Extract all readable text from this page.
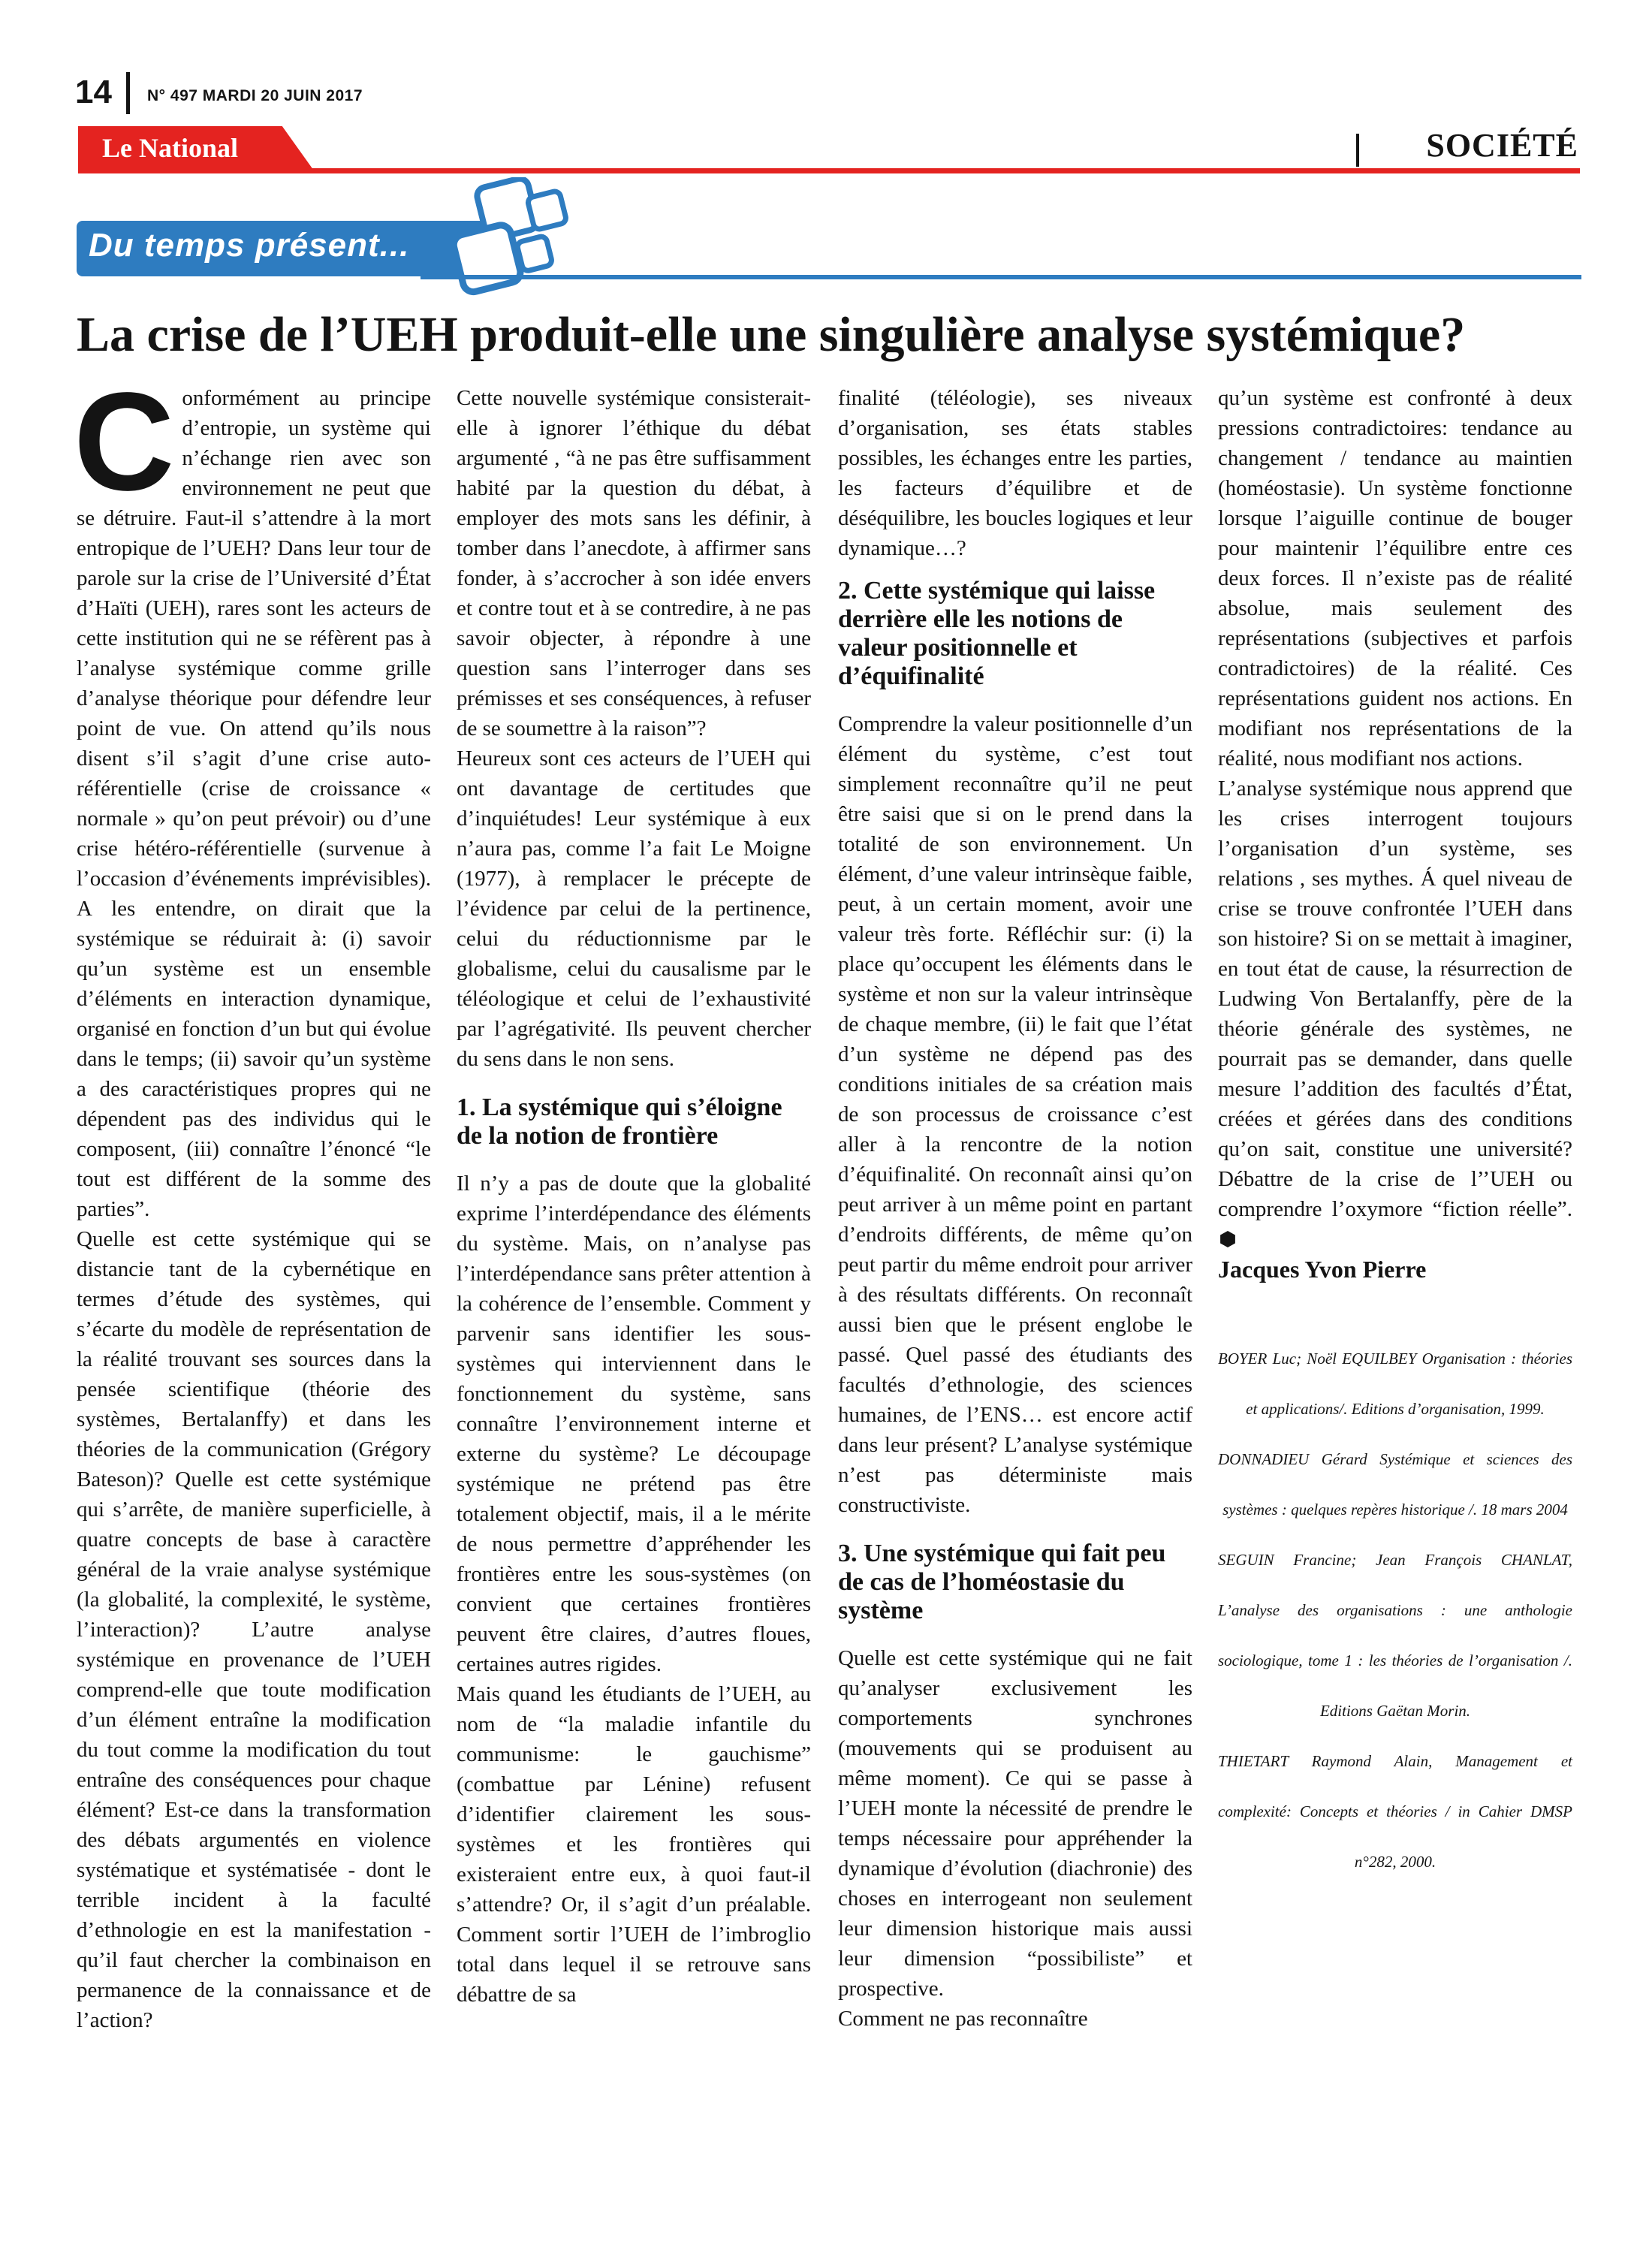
14 N° 497 MARDI 20 JUIN 2017
Le National	SOCIÉTÉ
Du temps présent...
La crise de l’UEH produit-elle une singulière analyse systémique?

Conformément au principe d’entropie, un système qui n’échange rien avec son environnement ne peut que se détruire. Faut-il s’attendre à la mort entropique de l’UEH? Dans leur tour de parole sur la crise de l’Université d’État d’Haïti (UEH), rares sont les acteurs de cette institution qui ne se réfèrent pas à l’analyse systémique comme grille d’analyse théorique pour défendre leur point de vue. On attend qu’ils nous disent s’il s’agit d’une crise auto-référentielle (crise de croissance « normale » qu’on peut prévoir) ou d’une crise hétéro-référentielle (survenue à l’occasion d’événements imprévisibles). A les entendre, on dirait que la systémique se réduirait à: (i) savoir qu’un système est un ensemble d’éléments en interaction dynamique, organisé en fonction d’un but qui évolue dans le temps; (ii) savoir qu’un système a des caractéristiques propres qui ne dépendent pas des individus qui le composent, (iii) connaître l’énoncé “le tout est différent de la somme des parties”.

Quelle est cette systémique qui se distancie tant de la cybernétique en termes d’étude des systèmes, qui s’écarte du modèle de représentation de la réalité trouvant ses sources dans la pensée scientifique (théorie des systèmes, Bertalanffy) et dans les théories de la communication (Grégory Bateson)? Quelle est cette systémique qui s’arrête, de manière superficielle, à quatre concepts de base à caractère général de la vraie analyse systémique (la globalité, la complexité, le système, l’interaction)? L’autre analyse systémique en provenance de l’UEH comprend-elle que toute modification d’un élément entraîne la modification du tout comme la modification du tout entraîne des conséquences pour chaque élément? Est-ce dans la transformation des débats argumentés en violence systématique et systématisée - dont le terrible incident à la faculté d’ethnologie en est la manifestation - qu’il faut chercher la combinaison en permanence de la connaissance et de l’action?

Cette nouvelle systémique consisterait-elle à ignorer l’éthique du débat argumenté , “à ne pas être suffisamment habité par la question du débat, à employer des mots sans les définir, à tomber dans l’anecdote, à affirmer sans fonder, à s’accrocher à son idée envers et contre tout et à se contredire, à ne pas savoir objecter, à répondre à une question sans l’interroger dans ses prémisses et ses conséquences, à refuser de se soumettre à la raison”?

Heureux sont ces acteurs de l’UEH qui ont davantage de certitudes que d’inquiétudes! Leur systémique à eux n’aura pas, comme l’a fait Le Moigne (1977), à remplacer le précepte de l’évidence par celui de la pertinence, celui du réductionnisme par le globalisme, celui du causalisme par le téléologique et celui de l’exhaustivité par l’agrégativité. Ils peuvent chercher du sens dans le non sens.

1. La systémique qui s’éloigne de la notion de frontière

Il n’y a pas de doute que la globalité exprime l’interdépendance des éléments du système. Mais, on n’analyse pas l’interdépendance sans prêter attention à la cohérence de l’ensemble. Comment y parvenir sans identifier les sous-systèmes qui interviennent dans le fonctionnement du système, sans connaître l’environnement interne et externe du système? Le découpage systémique ne prétend pas être totalement objectif, mais, il a le mérite de nous permettre d’appréhender les frontières entre les sous-systèmes (on convient que certaines frontières peuvent être claires, d’autres floues, certaines autres rigides.

Mais quand les étudiants de l’UEH, au nom de “la maladie infantile du communisme: le gauchisme” (combattue par Lénine) refusent d’identifier clairement les sous-systèmes et les frontières qui existeraient entre eux, à quoi faut-il s’attendre? Or, il s’agit d’un préalable. Comment sortir l’UEH de l’imbroglio total dans lequel il se retrouve sans débattre de sa

finalité (téléologie), ses niveaux d’organisation, ses états stables possibles, les échanges entre les parties, les facteurs d’équilibre et de déséquilibre, les boucles logiques et leur dynamique…?

2. Cette systémique qui laisse derrière elle les notions de valeur positionnelle et d’équifinalité

Comprendre la valeur positionnelle d’un élément du système, c’est tout simplement reconnaître qu’il ne peut être saisi que si on le prend dans la totalité de son environnement. Un élément, d’une valeur intrinsèque faible, peut, à un certain moment, avoir une valeur très forte. Réfléchir sur: (i) la place qu’occupent les éléments dans le système et non sur la valeur intrinsèque de chaque membre, (ii) le fait que l’état d’un système ne dépend pas des conditions initiales de sa création mais de son processus de croissance c’est aller à la rencontre de la notion d’équifinalité. On reconnaît ainsi qu’on peut arriver à un même point en partant d’endroits différents, de même qu’on peut partir du même endroit pour arriver à des résultats différents. On reconnaît aussi bien que le présent englobe le passé. Quel passé des étudiants des facultés d’ethnologie, des sciences humaines, de l’ENS… est encore actif dans leur présent? L’analyse systémique n’est pas déterministe mais constructiviste.

3. Une systémique qui fait peu de cas de l’homéostasie du système

Quelle est cette systémique qui ne fait qu’analyser exclusivement les comportements synchrones (mouvements qui se produisent au même moment). Ce qui se passe à l’UEH monte la nécessité de prendre le temps nécessaire pour appréhender la dynamique d’évolution (diachronie) des choses en interrogeant non seulement leur dimension historique mais aussi leur dimension “possibiliste” et prospective.

Comment ne pas reconnaître

qu’un système est confronté à deux pressions contradictoires: tendance au changement / tendance au maintien (homéostasie). Un système fonctionne lorsque l’aiguille continue de bouger pour maintenir l’équilibre entre ces deux forces. Il n’existe pas de réalité absolue, mais seulement des représentations (subjectives et parfois contradictoires) de la réalité. Ces représentations guident nos actions. En modifiant nos représentations de la réalité, nous modifiant nos actions.

L’analyse systémique nous apprend que les crises interrogent toujours l’organisation d’un système, ses relations , ses mythes. Á quel niveau de crise se trouve confrontée l’UEH dans son histoire? Si on se mettait à imaginer, en tout état de cause, la résurrection de Ludwing Von Bertalanffy, père de la théorie générale des systèmes, ne pourrait pas se demander, dans quelle mesure l’addition des facultés d’État, créées et gérées dans des conditions qu’on sait, constitue une université? Débattre de la crise de l’’UEH ou comprendre l’oxymore “fiction réelle”.

Jacques Yvon Pierre

BOYER Luc; Noël EQUILBEY Organisation : théories et applications/. Editions d’organisation, 1999.

DONNADIEU Gérard Systémique et sciences des systèmes : quelques repères historique /. 18 mars 2004

SEGUIN Francine; Jean François CHANLAT, L’analyse des organisations : une anthologie sociologique, tome 1 : les théories de l’organisation /. Editions Gaëtan Morin.

THIETART Raymond Alain, Management et complexité: Concepts et théories / in Cahier DMSP n°282, 2000.
